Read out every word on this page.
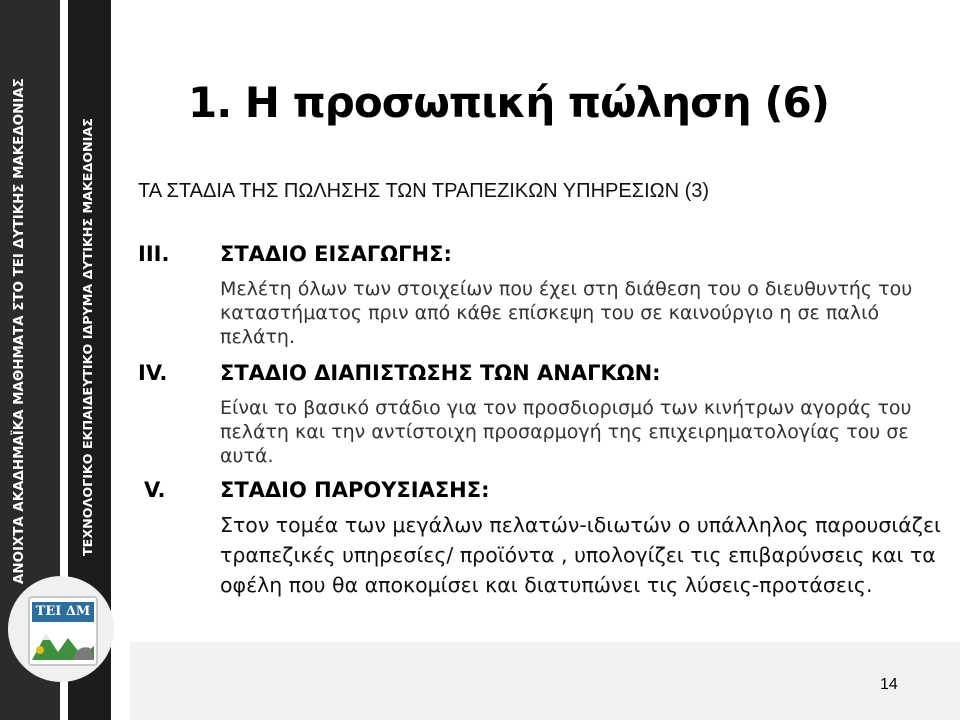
ΑΝΟΙΧΤΑ ΑΚΑΔΗΜΑΪΚΑ ΜΑΘΗΜΑΤΑ ΣΤΟ ΤΕΙ ΔΥΤΙΚΗΣ ΜΑΚΕΔΟΝΙΑΣ	ΤΕΧΝΟΛΟΓΙΚΟ ΕΚΠΑΙΔΕΥΤΙΚΟ ΙΔΡΥΜΑ ΔΥΤΙΚΗΣ ΜΑΚΕΔΟΝΙΑΣ
ΤΕΙ ΔΜ
14
1. Η προσωπική πώληση (6)
ΤΑ ΣΤΑΔΙΑ ΤΗΣ ΠΩΛΗΣΗΣ ΤΩΝ ΤΡΑΠΕΖΙΚΩΝ ΥΠΗΡΕΣΙΩΝ (3)
III. ΣΤΑΔΙΟ ΕΙΣΑΓΩΓΗΣ:
Μελέτη όλων των στοιχείων που έχει στη διάθεση του ο διευθυντής του καταστήματος πριν από κάθε επίσκεψη του σε καινούργιο η σε παλιό πελάτη.
IV.	ΣΤΑΔΙΟ ΔΙΑΠΙΣΤΩΣΗΣ ΤΩΝ ΑΝΑΓΚΩΝ:
Είναι το βασικό στάδιο για τον προσδιορισμό των κινήτρων αγοράς του πελάτη και την αντίστοιχη προσαρμογή της επιχειρηματολογίας του σε αυτά.
V.	ΣΤΑΔΙΟ ΠΑΡΟΥΣΙΑΣΗΣ:
Στον τομέα των μεγάλων πελατών-ιδιωτών ο υπάλληλος παρουσιάζει τραπεζικές υπηρεσίες/ προϊόντα , υπολογίζει τις επιβαρύνσεις και τα οφέλη που θα αποκομίσει και διατυπώνει τις λύσεις-προτάσεις.
